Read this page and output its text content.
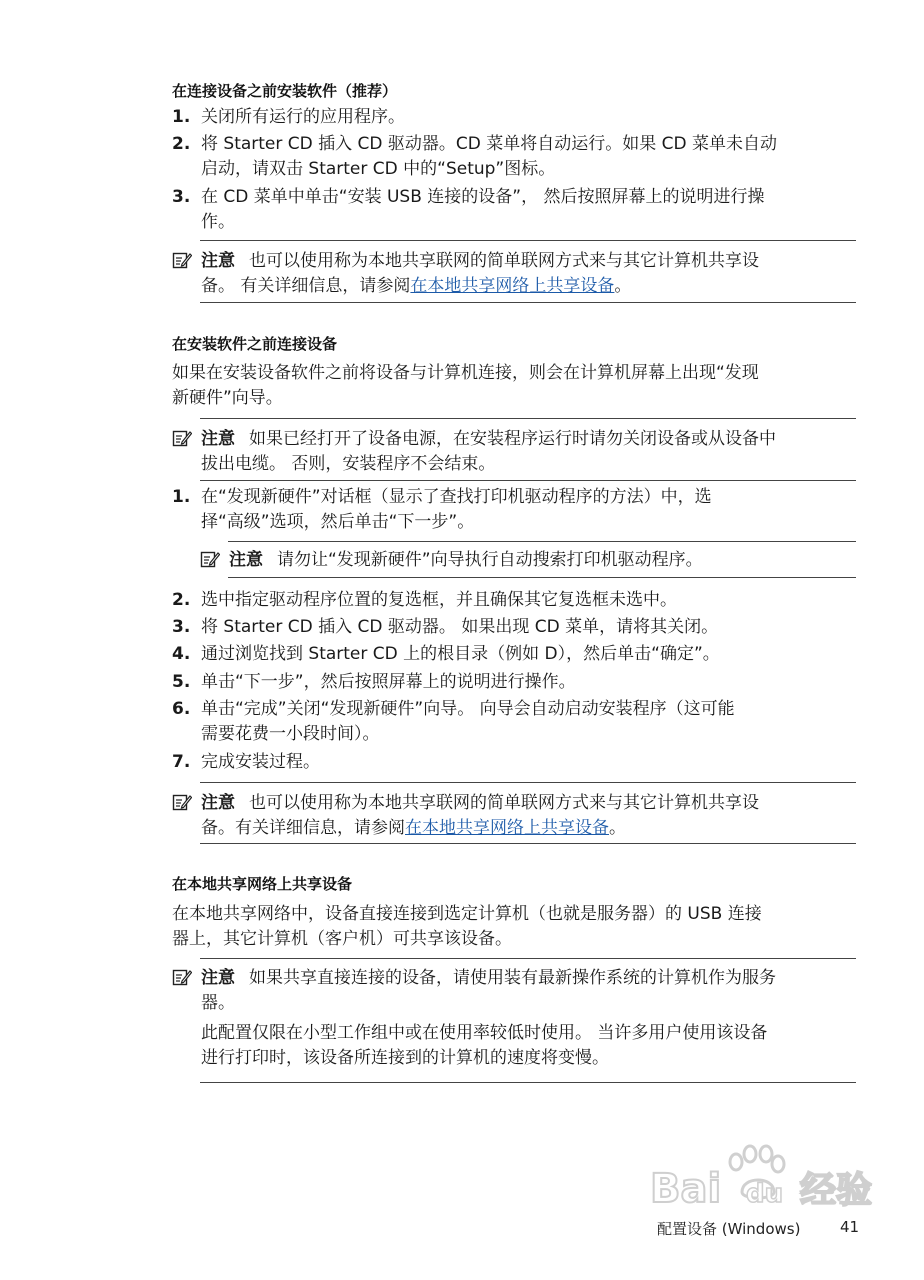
在连接设备之前安装软件（推荐）
1. 关闭所有运行的应用程序。
2. 将 Starter CD 插入 CD 驱动器。CD 菜单将自动运行。如果 CD 菜单未自动
启动，请双击 Starter CD 中的“Setup”图标。
3. 在 CD 菜单中单击“安装 USB 连接的设备”， 然后按照屏幕上的说明进行操
作。
注意 也可以使用称为本地共享联网的简单联网方式来与其它计算机共享设
备。 有关详细信息，请参阅在本地共享网络上共享设备。
在安装软件之前连接设备
如果在安装设备软件之前将设备与计算机连接，则会在计算机屏幕上出现“发现
新硬件”向导。
注意 如果已经打开了设备电源，在安装程序运行时请勿关闭设备或从设备中
拔出电缆。 否则，安装程序不会结束。
1. 在“发现新硬件”对话框（显示了查找打印机驱动程序的方法）中，选
择“高级”选项，然后单击“下一步”。
注意 请勿让“发现新硬件”向导执行自动搜索打印机驱动程序。
2. 选中指定驱动程序位置的复选框，并且确保其它复选框未选中。
3. 将 Starter CD 插入 CD 驱动器。 如果出现 CD 菜单，请将其关闭。
4. 通过浏览找到 Starter CD 上的根目录（例如 D），然后单击“确定”。
5. 单击“下一步”，然后按照屏幕上的说明进行操作。
6. 单击“完成”关闭“发现新硬件”向导。 向导会自动启动安装程序（这可能
需要花费一小段时间）。
7. 完成安装过程。
注意 也可以使用称为本地共享联网的简单联网方式来与其它计算机共享设
备。有关详细信息，请参阅在本地共享网络上共享设备。
在本地共享网络上共享设备
在本地共享网络中，设备直接连接到选定计算机（也就是服务器）的 USB 连接
器上，其它计算机（客户机）可共享该设备。
注意 如果共享直接连接的设备，请使用装有最新操作系统的计算机作为服务
器。
此配置仅限在小型工作组中或在使用率较低时使用。 当许多用户使用该设备
进行打印时，该设备所连接到的计算机的速度将变慢。
Bai du 经验
配置设备 (Windows)	41
